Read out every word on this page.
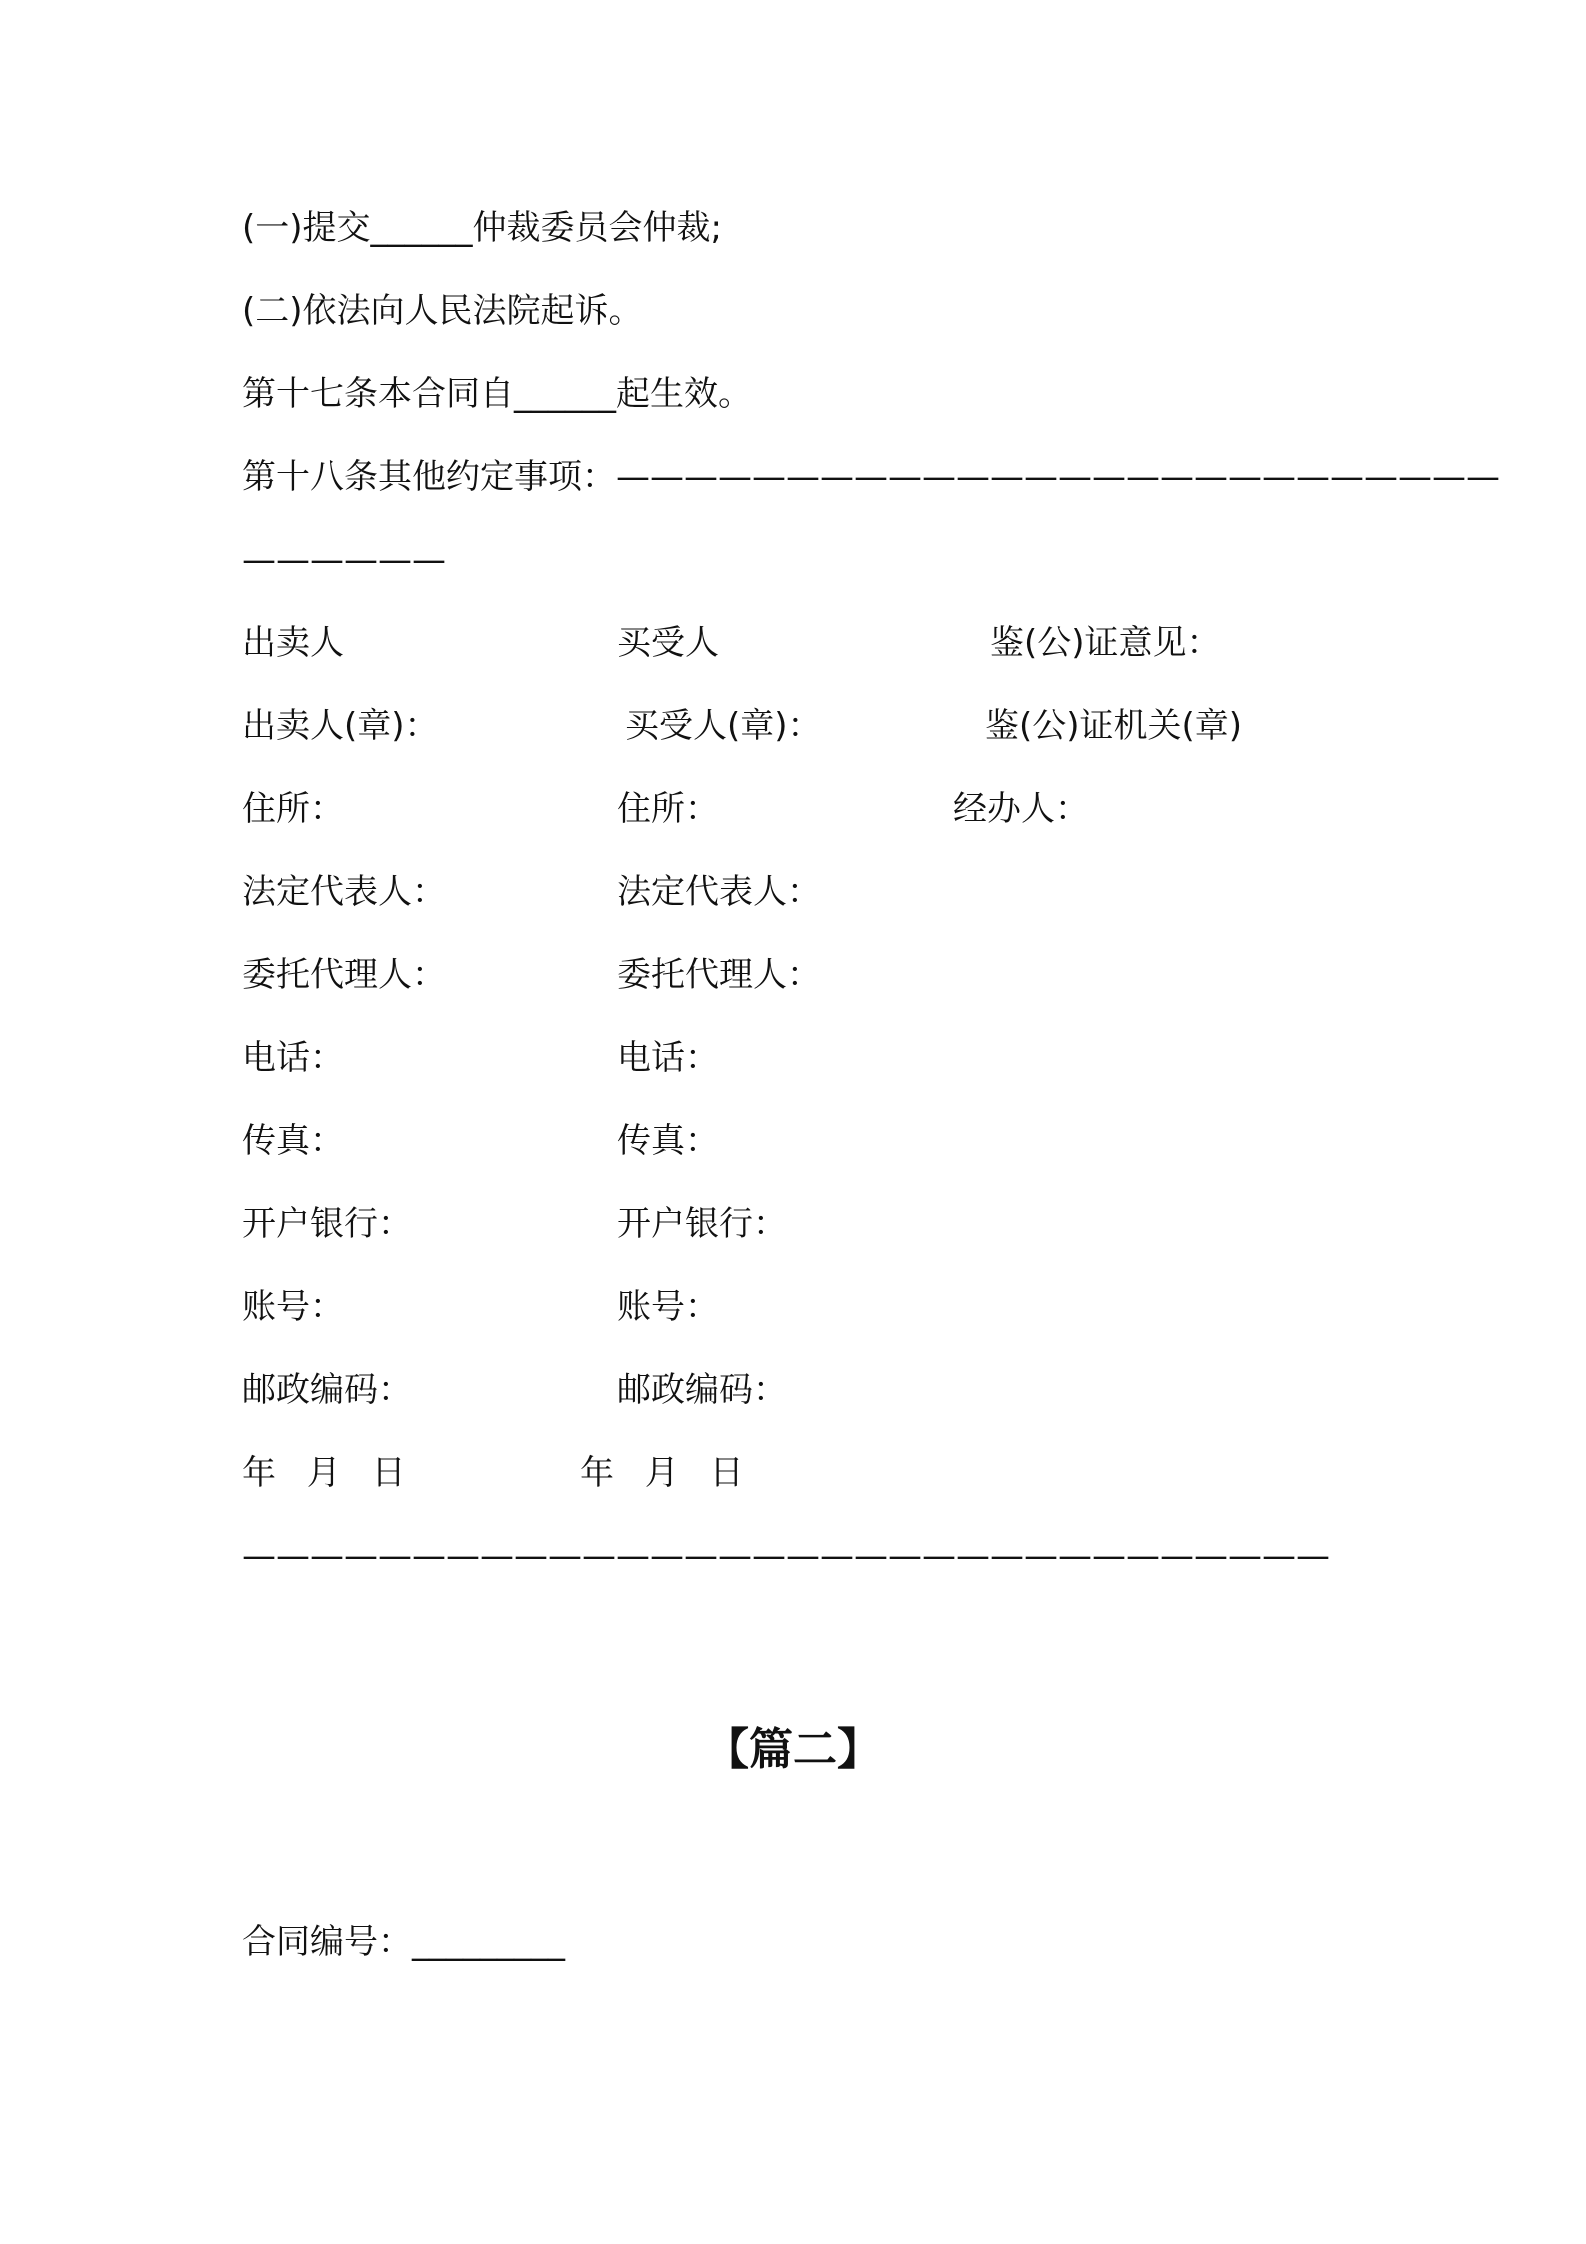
(一)提交______仲裁委员会仲裁;
(二)依法向人民法院起诉。
第十七条本合同自______起生效。
第十八条其他约定事项：——————————————————————————
——————
出卖人	买受人	鉴(公)证意见：
出卖人(章)：	买受人(章)：	鉴(公)证机关(章)
住所：	住所：	经办人：
法定代表人：	法定代表人：
委托代理人：	委托代理人：
电话：	电话：
传真：	传真：
开户银行：	开户银行：
账号：	账号：
邮政编码：	邮政编码：
年 月 日	年 月 日
————————————————————————————————
【篇二】
合同编号：_________
